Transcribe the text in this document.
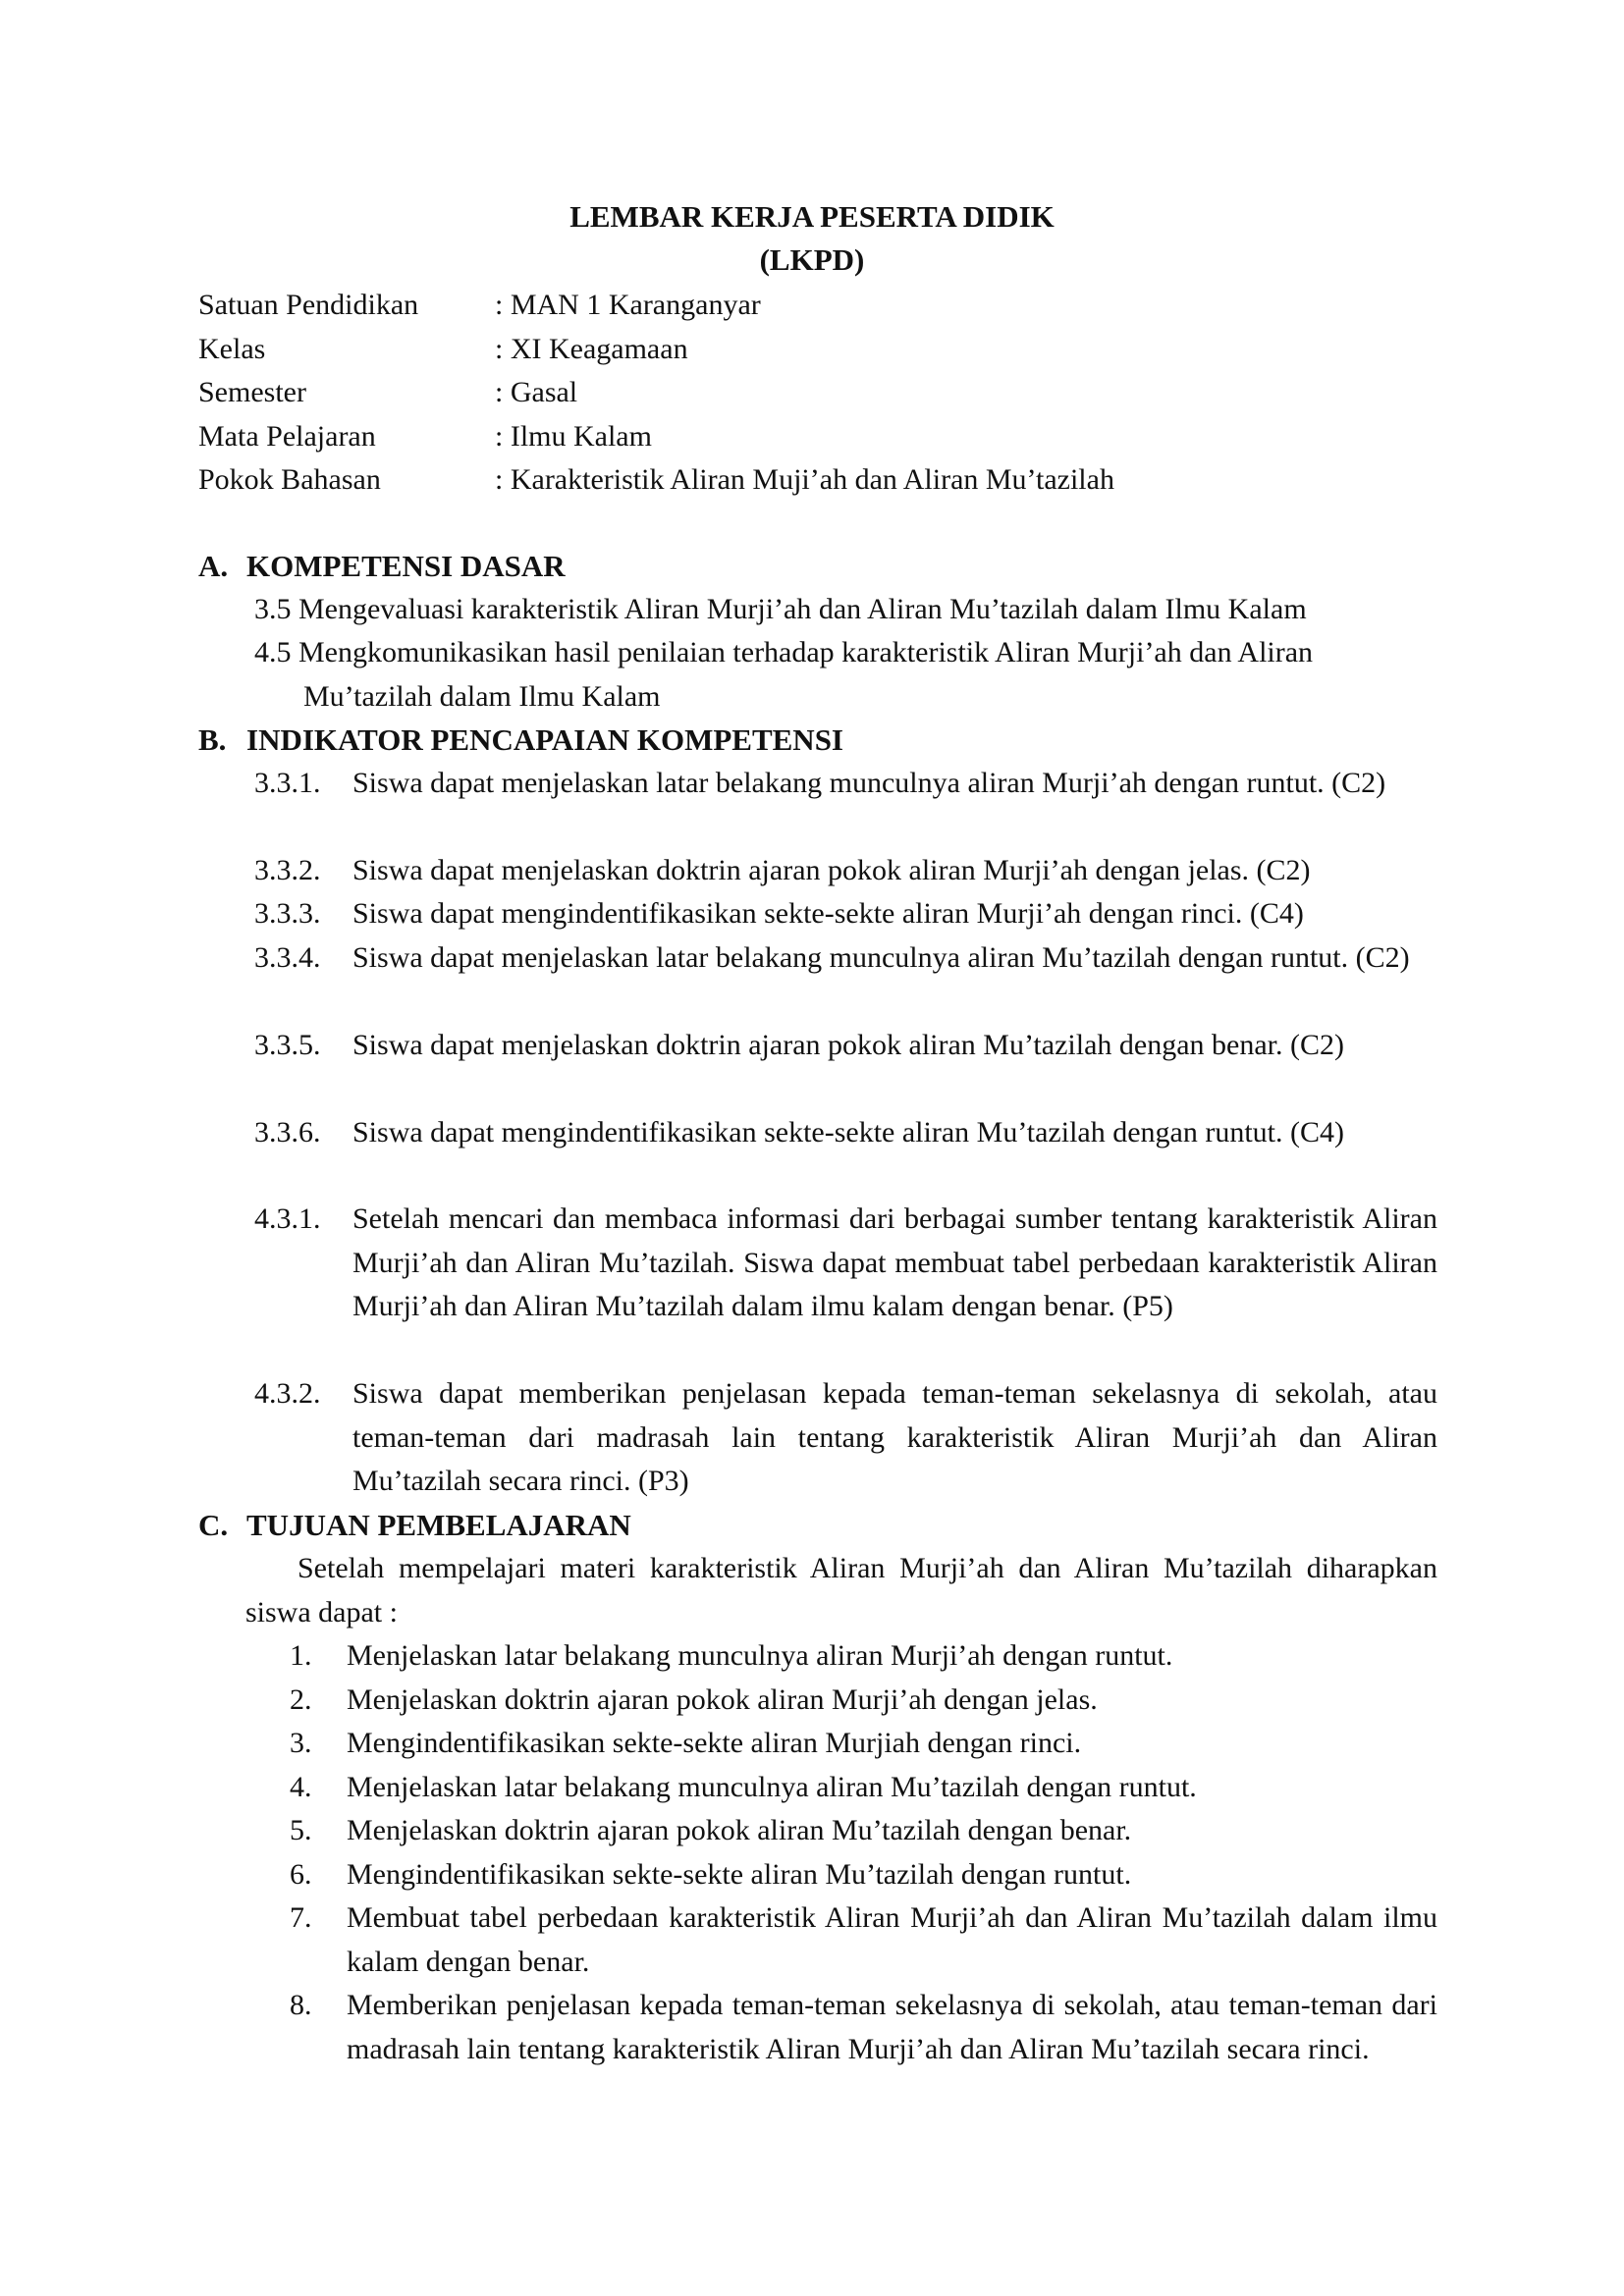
LEMBAR KERJA PESERTA DIDIK
(LKPD)
Satuan Pendidikan	: MAN 1 Karanganyar
Kelas	: XI Keagamaan
Semester	: Gasal
Mata Pelajaran	: Ilmu Kalam
Pokok Bahasan	: Karakteristik Aliran Muji’ah dan Aliran Mu’tazilah
A. KOMPETENSI DASAR
3.5 Mengevaluasi karakteristik Aliran Murji’ah dan Aliran Mu’tazilah dalam Ilmu Kalam
4.5 Mengkomunikasikan hasil penilaian terhadap karakteristik Aliran Murji’ah dan Aliran
Mu’tazilah dalam Ilmu Kalam
B. INDIKATOR PENCAPAIAN KOMPETENSI
3.3.1.	Siswa dapat menjelaskan latar belakang munculnya aliran Murji’ah dengan runtut. (C2)
3.3.2.	Siswa dapat menjelaskan doktrin ajaran pokok aliran Murji’ah dengan jelas. (C2)
3.3.3.	Siswa dapat mengindentifikasikan sekte-sekte aliran Murji’ah dengan rinci. (C4)
3.3.4.	Siswa dapat menjelaskan latar belakang munculnya aliran Mu’tazilah dengan runtut. (C2)
3.3.5.	Siswa dapat menjelaskan doktrin ajaran pokok aliran Mu’tazilah dengan benar. (C2)
3.3.6.	Siswa dapat mengindentifikasikan sekte-sekte aliran Mu’tazilah dengan runtut. (C4)
4.3.1.	Setelah mencari dan membaca informasi dari berbagai sumber tentang karakteristik Aliran Murji’ah dan Aliran Mu’tazilah. Siswa dapat membuat tabel perbedaan karakteristik Aliran Murji’ah dan Aliran Mu’tazilah dalam ilmu kalam dengan benar. (P5)
4.3.2.	Siswa dapat memberikan penjelasan kepada teman-teman sekelasnya di sekolah, atau teman-teman dari madrasah lain tentang karakteristik Aliran Murji’ah dan Aliran Mu’tazilah secara rinci. (P3)
C. TUJUAN PEMBELAJARAN
Setelah mempelajari materi karakteristik Aliran Murji’ah dan Aliran Mu’tazilah diharapkan siswa dapat :
1.	Menjelaskan latar belakang munculnya aliran Murji’ah dengan runtut.
2.	Menjelaskan doktrin ajaran pokok aliran Murji’ah dengan jelas.
3.	Mengindentifikasikan sekte-sekte aliran Murjiah dengan rinci.
4.	Menjelaskan latar belakang munculnya aliran Mu’tazilah dengan runtut.
5.	Menjelaskan doktrin ajaran pokok aliran Mu’tazilah dengan benar.
6.	Mengindentifikasikan sekte-sekte aliran Mu’tazilah dengan runtut.
7.	Membuat tabel perbedaan karakteristik Aliran Murji’ah dan Aliran Mu’tazilah dalam ilmu kalam dengan benar.
8.	Memberikan penjelasan kepada teman-teman sekelasnya di sekolah, atau teman-teman dari madrasah lain tentang karakteristik Aliran Murji’ah dan Aliran Mu’tazilah secara rinci.
